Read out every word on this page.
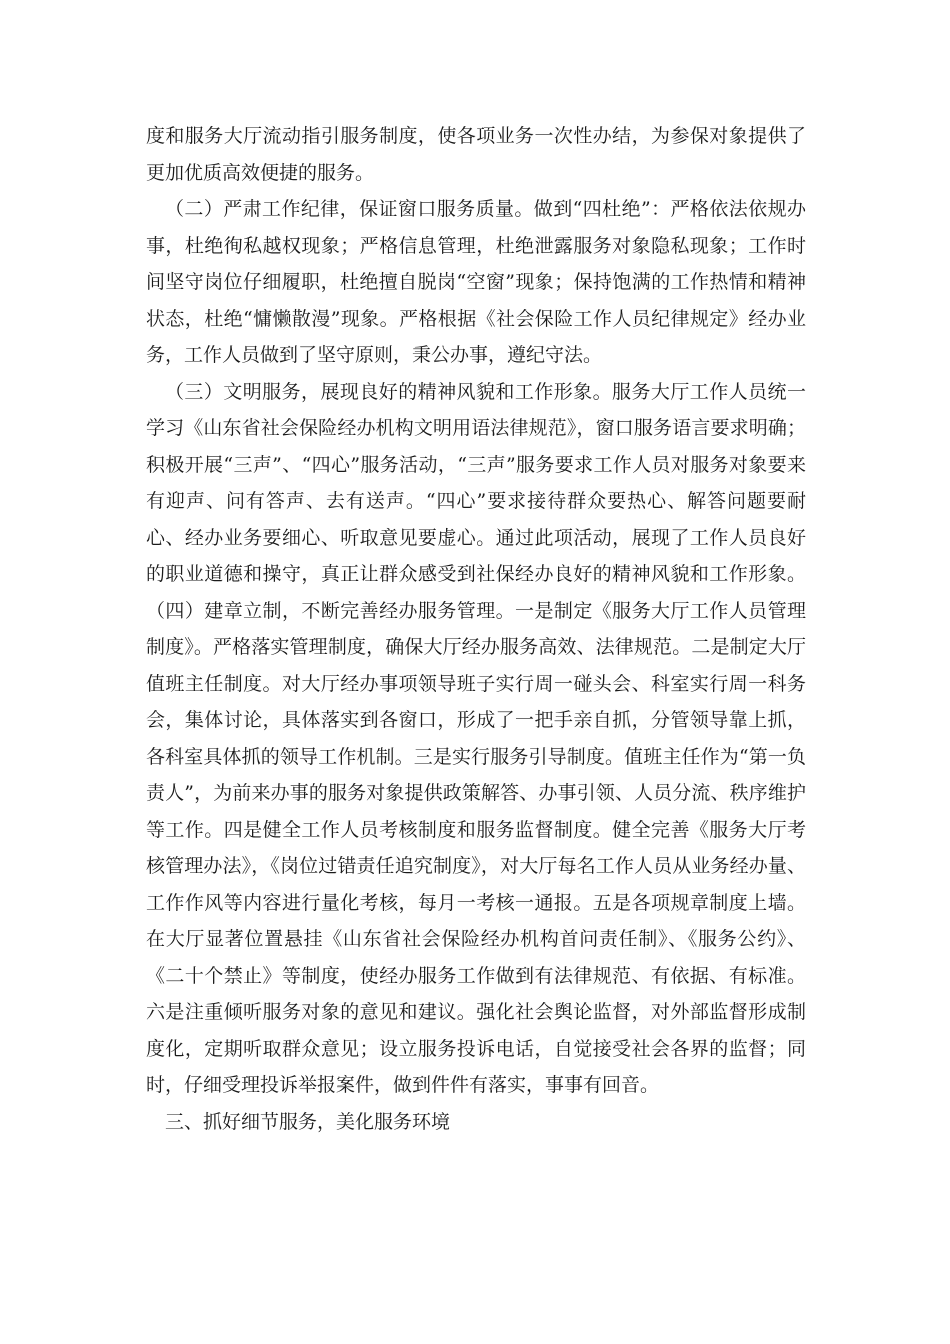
度和服务大厅流动指引服务制度，使各项业务一次性办结，为参保对象提供了更加优质高效便捷的服务。

（二）严肃工作纪律，保证窗口服务质量。做到“四杜绝”：严格依法依规办事，杜绝徇私越权现象；严格信息管理，杜绝泄露服务对象隐私现象；工作时间坚守岗位仔细履职，杜绝擅自脱岗“空窗”现象；保持饱满的工作热情和精神状态，杜绝“慵懒散漫”现象。严格根据《社会保险工作人员纪律规定》经办业务，工作人员做到了坚守原则，秉公办事，遵纪守法。

（三）文明服务，展现良好的精神风貌和工作形象。服务大厅工作人员统一学习《山东省社会保险经办机构文明用语法律规范》，窗口服务语言要求明确；积极开展“三声”、“四心”服务活动，“三声”服务要求工作人员对服务对象要来有迎声、问有答声、去有送声。“四心”要求接待群众要热心、解答问题要耐心、经办业务要细心、听取意见要虚心。通过此项活动，展现了工作人员良好的职业道德和操守，真正让群众感受到社保经办良好的精神风貌和工作形象。（四）建章立制，不断完善经办服务管理。一是制定《服务大厅工作人员管理制度》。严格落实管理制度，确保大厅经办服务高效、法律规范。二是制定大厅值班主任制度。对大厅经办事项领导班子实行周一碰头会、科室实行周一科务会，集体讨论，具体落实到各窗口，形成了一把手亲自抓，分管领导靠上抓，各科室具体抓的领导工作机制。三是实行服务引导制度。值班主任作为“第一负责人”，为前来办事的服务对象提供政策解答、办事引领、人员分流、秩序维护等工作。四是健全工作人员考核制度和服务监督制度。健全完善《服务大厅考核管理办法》，《岗位过错责任追究制度》，对大厅每名工作人员从业务经办量、工作作风等内容进行量化考核，每月一考核一通报。五是各项规章制度上墙。在大厅显著位置悬挂《山东省社会保险经办机构首问责任制》、《服务公约》、《二十个禁止》等制度，使经办服务工作做到有法律规范、有依据、有标准。六是注重倾听服务对象的意见和建议。强化社会舆论监督，对外部监督形成制度化，定期听取群众意见；设立服务投诉电话，自觉接受社会各界的监督；同时，仔细受理投诉举报案件，做到件件有落实，事事有回音。

三、抓好细节服务，美化服务环境
